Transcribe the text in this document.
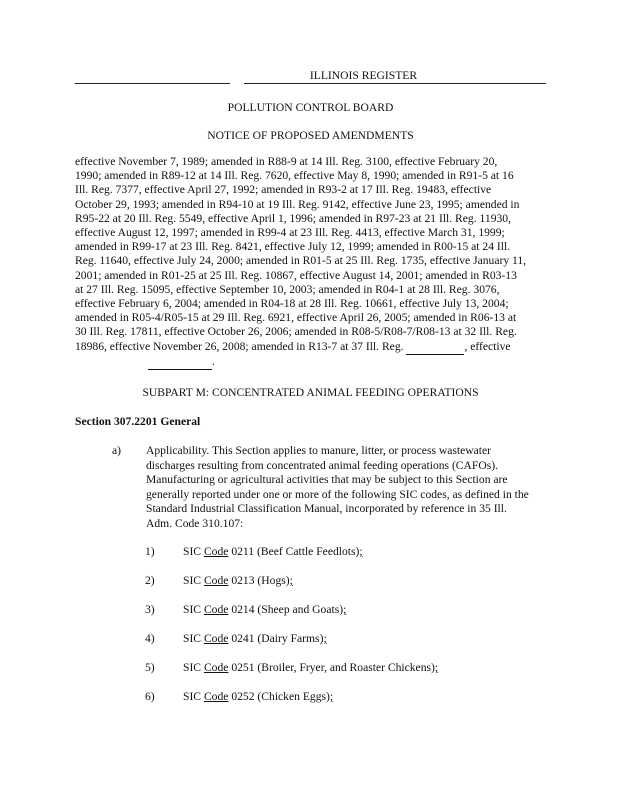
ILLINOIS REGISTER
POLLUTION CONTROL BOARD
NOTICE OF PROPOSED AMENDMENTS
effective November 7, 1989; amended in R88-9 at 14 Ill. Reg. 3100, effective February 20,
1990; amended in R89-12 at 14 Ill. Reg. 7620, effective May 8, 1990; amended in R91-5 at 16
Ill. Reg. 7377, effective April 27, 1992; amended in R93-2 at 17 Ill. Reg. 19483, effective
October 29, 1993; amended in R94-10 at 19 Ill. Reg. 9142, effective June 23, 1995; amended in
R95-22 at 20 Ill. Reg. 5549, effective April 1, 1996; amended in R97-23 at 21 Ill. Reg. 11930,
effective August 12, 1997; amended in R99-4 at 23 Ill. Reg. 4413, effective March 31, 1999;
amended in R99-17 at 23 Ill. Reg. 8421, effective July 12, 1999; amended in R00-15 at 24 Ill.
Reg. 11640, effective July 24, 2000; amended in R01-5 at 25 Ill. Reg. 1735, effective January 11,
2001; amended in R01-25 at 25 Ill. Reg. 10867, effective August 14, 2001; amended in R03-13
at 27 Ill. Reg. 15095, effective September 10, 2003; amended in R04-1 at 28 Ill. Reg. 3076,
effective February 6, 2004; amended in R04-18 at 28 Ill. Reg. 10661, effective July 13, 2004;
amended in R05-4/R05-15 at 29 Ill. Reg. 6921, effective April 26, 2005; amended in R06-13 at
30 Ill. Reg. 17811, effective October 26, 2006; amended in R08-5/R08-7/R08-13 at 32 Ill. Reg.
18986, effective November 26, 2008; amended in R13-7 at 37 Ill. Reg.	, effective
.
SUBPART M: CONCENTRATED ANIMAL FEEDING OPERATIONS
Section 307.2201 General
a) Applicability. This Section applies to manure, litter, or process wastewater
discharges resulting from concentrated animal feeding operations (CAFOs).
Manufacturing or agricultural activities that may be subject to this Section are
generally reported under one or more of the following SIC codes, as defined in the
Standard Industrial Classification Manual, incorporated by reference in 35 Ill.
Adm. Code 310.107:
1) SIC Code 0211 (Beef Cattle Feedlots);
2) SIC Code 0213 (Hogs);
3) SIC Code 0214 (Sheep and Goats);
4) SIC Code 0241 (Dairy Farms);
5) SIC Code 0251 (Broiler, Fryer, and Roaster Chickens);
6) SIC Code 0252 (Chicken Eggs);
